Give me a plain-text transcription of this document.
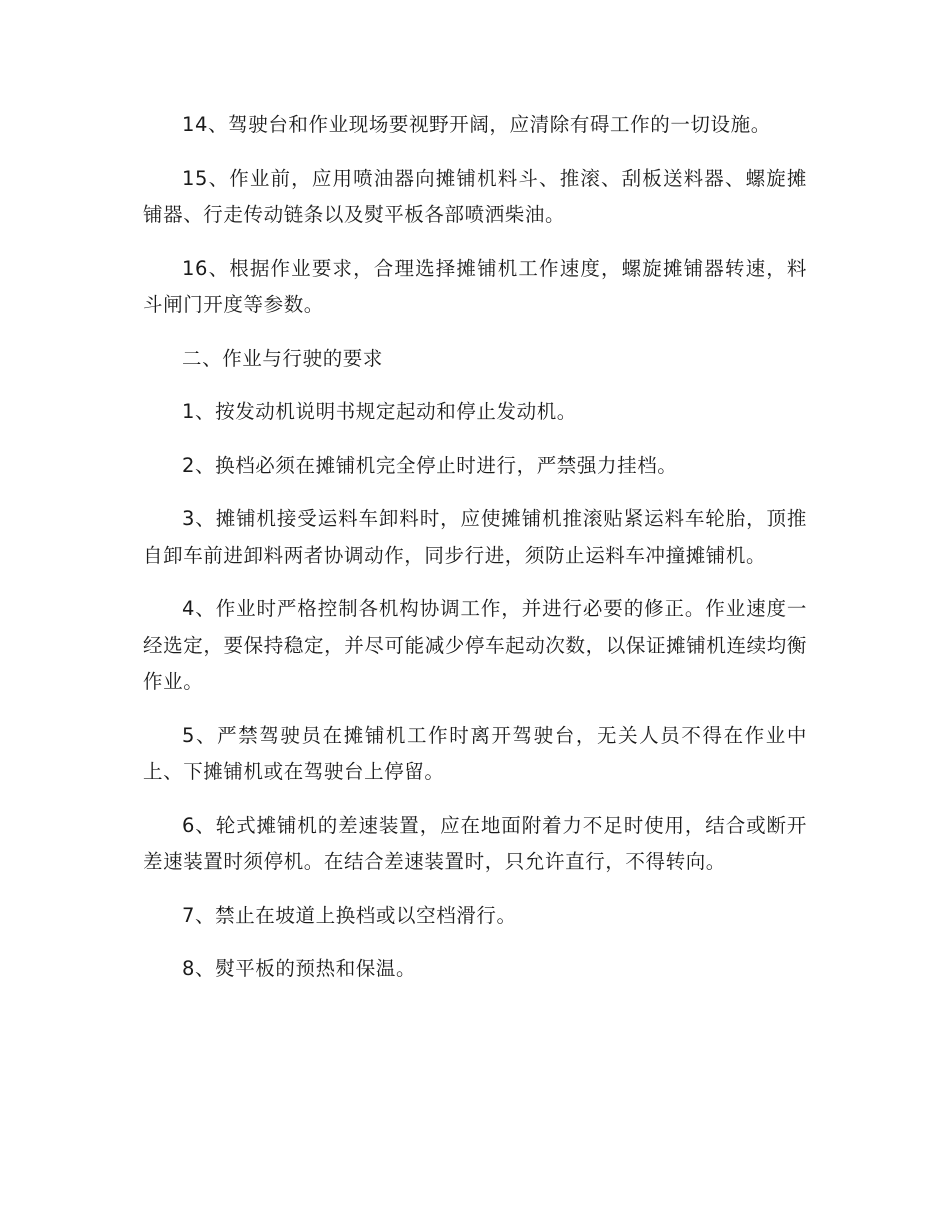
14、驾驶台和作业现场要视野开阔，应清除有碍工作的一切设施。

15、作业前，应用喷油器向摊铺机料斗、推滚、刮板送料器、螺旋摊铺器、行走传动链条以及熨平板各部喷洒柴油。

16、根据作业要求，合理选择摊铺机工作速度，螺旋摊铺器转速，料斗闸门开度等参数。

二、作业与行驶的要求

1、按发动机说明书规定起动和停止发动机。

2、换档必须在摊铺机完全停止时进行，严禁强力挂档。

3、摊铺机接受运料车卸料时，应使摊铺机推滚贴紧运料车轮胎，顶推自卸车前进卸料两者协调动作，同步行进，须防止运料车冲撞摊铺机。

4、作业时严格控制各机构协调工作，并进行必要的修正。作业速度一经选定，要保持稳定，并尽可能减少停车起动次数，以保证摊铺机连续均衡作业。

5、严禁驾驶员在摊铺机工作时离开驾驶台，无关人员不得在作业中上、下摊铺机或在驾驶台上停留。

6、轮式摊铺机的差速装置，应在地面附着力不足时使用，结合或断开差速装置时须停机。在结合差速装置时，只允许直行，不得转向。

7、禁止在坡道上换档或以空档滑行。

8、熨平板的预热和保温。
